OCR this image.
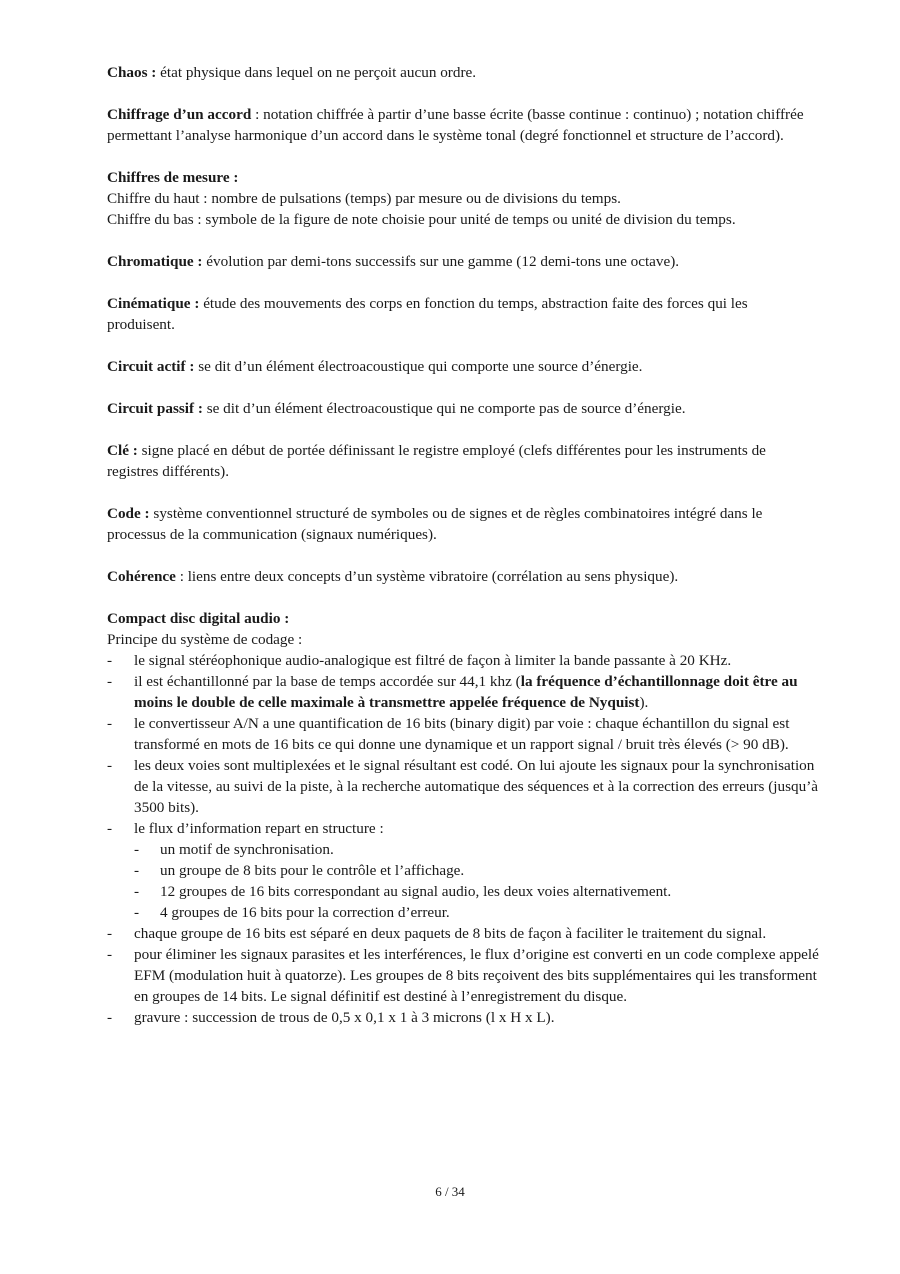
Chaos : état physique dans lequel on ne perçoit aucun ordre.

Chiffrage d’un accord : notation chiffrée à partir d’une basse écrite (basse continue : continuo) ; notation chiffrée permettant l’analyse harmonique d’un accord dans le système tonal (degré fonctionnel et structure de l’accord).

Chiffres de mesure :

Chiffre du haut : nombre de pulsations (temps) par mesure ou de divisions du temps.

Chiffre du bas : symbole de la figure de note choisie pour unité de temps ou unité de division du temps.

Chromatique : évolution par demi-tons successifs sur une gamme (12 demi-tons une octave).

Cinématique : étude des mouvements des corps en fonction du temps, abstraction faite des forces qui les produisent.

Circuit actif : se dit d’un élément électroacoustique qui comporte une source d’énergie.

Circuit passif : se dit d’un élément électroacoustique qui ne comporte pas de source d’énergie.

Clé : signe placé en début de portée définissant le registre employé (clefs différentes pour les instruments de registres différents).

Code : système conventionnel structuré de symboles ou de signes et de règles combinatoires intégré dans le processus de la communication (signaux numériques).

Cohérence : liens entre deux concepts d’un système vibratoire (corrélation au sens physique).

Compact disc digital audio :

Principe du système de codage :

- le signal stéréophonique audio-analogique est filtré de façon à limiter la bande passante à 20 KHz.
- il est échantillonné par la base de temps accordée sur 44,1 khz (la fréquence d’échantillonnage doit être au moins le double de celle maximale à transmettre appelée fréquence de Nyquist).
- le convertisseur A/N a une quantification de 16 bits (binary digit) par voie : chaque échantillon du signal est transformé en mots de 16 bits ce qui donne une dynamique et un rapport signal / bruit très élevés (> 90 dB).
- les deux voies sont multiplexées et le signal résultant est codé. On lui ajoute les signaux pour la synchronisation de la vitesse, au suivi de la piste, à la recherche automatique des séquences et à la correction des erreurs (jusqu’à 3500 bits).
- le flux d’information repart en structure :
- un motif de synchronisation.
- un groupe de 8 bits pour le contrôle et l’affichage.
- 12 groupes de 16 bits correspondant au signal audio, les deux voies alternativement.
- 4 groupes de 16 bits pour la correction d’erreur.
- chaque groupe de 16 bits est séparé en deux paquets de 8 bits de façon à faciliter le traitement du signal.
- pour éliminer les signaux parasites et les interférences, le flux d’origine est converti en un code complexe appelé EFM (modulation huit à quatorze). Les groupes de 8 bits reçoivent des bits supplémentaires qui les transforment en groupes de 14 bits. Le signal définitif est destiné à l’enregistrement du disque.
- gravure : succession de trous de 0,5 x 0,1 x 1 à 3 microns (l x H x L).
6 / 34
